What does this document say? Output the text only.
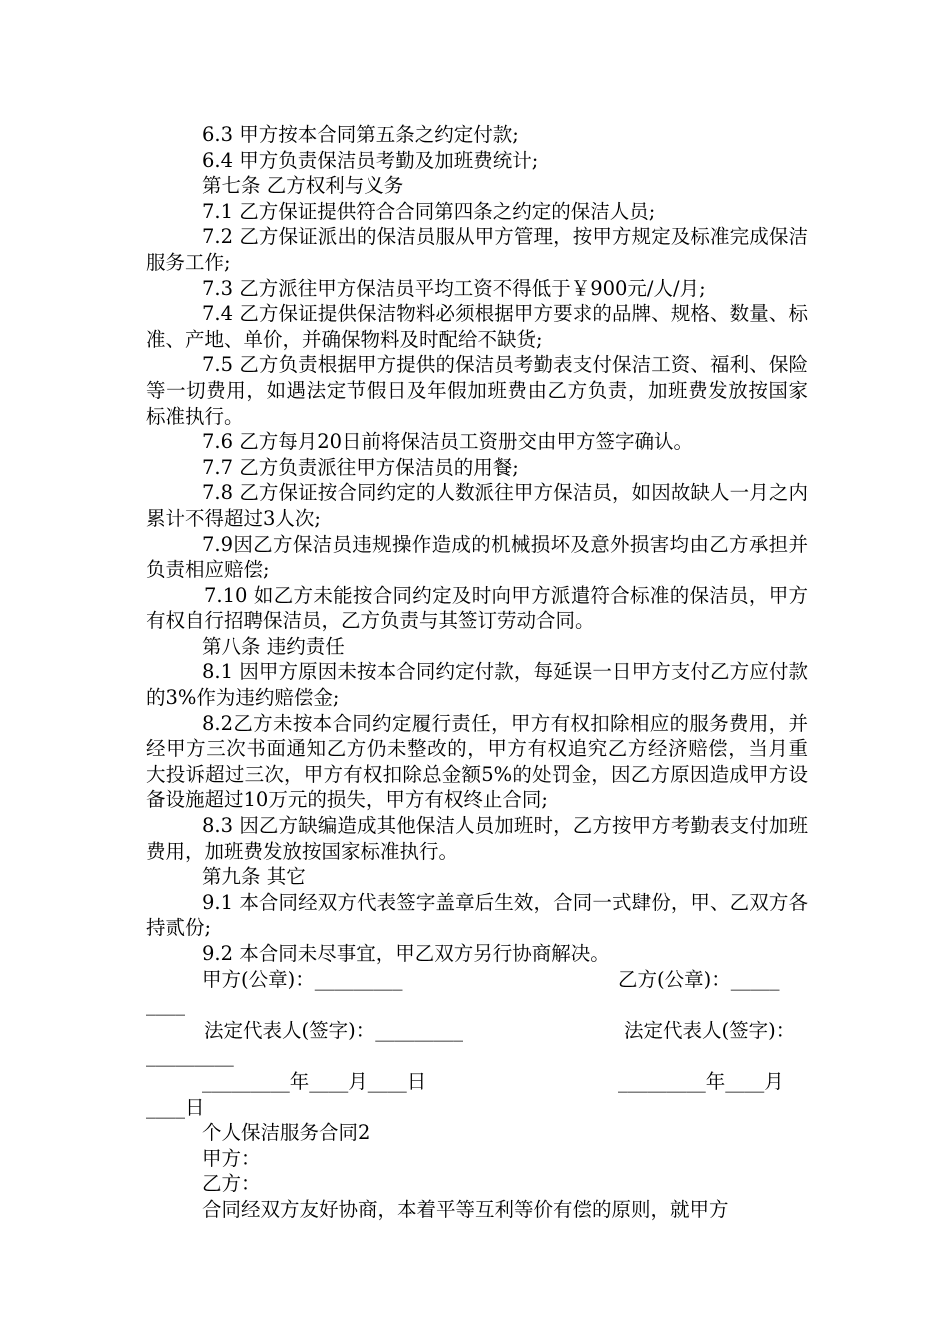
6.3 甲方按本合同第五条之约定付款;

6.4 甲方负责保洁员考勤及加班费统计;

第七条 乙方权利与义务

7.1 乙方保证提供符合合同第四条之约定的保洁人员;

7.2 乙方保证派出的保洁员服从甲方管理，按甲方规定及标准完成保洁服务工作;

7.3 乙方派往甲方保洁员平均工资不得低于￥900元/人/月;

7.4 乙方保证提供保洁物料必须根据甲方要求的品牌、规格、数量、标准、产地、单价，并确保物料及时配给不缺货;

7.5 乙方负责根据甲方提供的保洁员考勤表支付保洁工资、福利、保险等一切费用，如遇法定节假日及年假加班费由乙方负责，加班费发放按国家标准执行。

7.6 乙方每月20日前将保洁员工资册交由甲方签字确认。

7.7 乙方负责派往甲方保洁员的用餐;

7.8 乙方保证按合同约定的人数派往甲方保洁员，如因故缺人一月之内累计不得超过3人次;

7.9因乙方保洁员违规操作造成的机械损坏及意外损害均由乙方承担并负责相应赔偿;

7.10 如乙方未能按合同约定及时向甲方派遣符合标准的保洁员，甲方有权自行招聘保洁员，乙方负责与其签订劳动合同。

第八条 违约责任

8.1 因甲方原因未按本合同约定付款，每延误一日甲方支付乙方应付款的3%作为违约赔偿金;

8.2乙方未按本合同约定履行责任，甲方有权扣除相应的服务费用，并经甲方三次书面通知乙方仍未整改的，甲方有权追究乙方经济赔偿，当月重大投诉超过三次，甲方有权扣除总金额5%的处罚金，因乙方原因造成甲方设备设施超过10万元的损失，甲方有权终止合同;

8.3 因乙方缺编造成其他保洁人员加班时，乙方按甲方考勤表支付加班费用，加班费发放按国家标准执行。

第九条 其它

9.1 本合同经双方代表签字盖章后生效，合同一式肆份，甲、乙双方各持贰份;

9.2 本合同未尽事宜，甲乙双方另行协商解决。

甲方(公章)：_________	乙方(公章)：_____
____
法定代表人(签字)：_________	法定代表人(签字)：
_________
_________年____月____日	_________年____月
____日

个人保洁服务合同2

甲方：

乙方：

合同经双方友好协商，本着平等互利等价有偿的原则，就甲方
